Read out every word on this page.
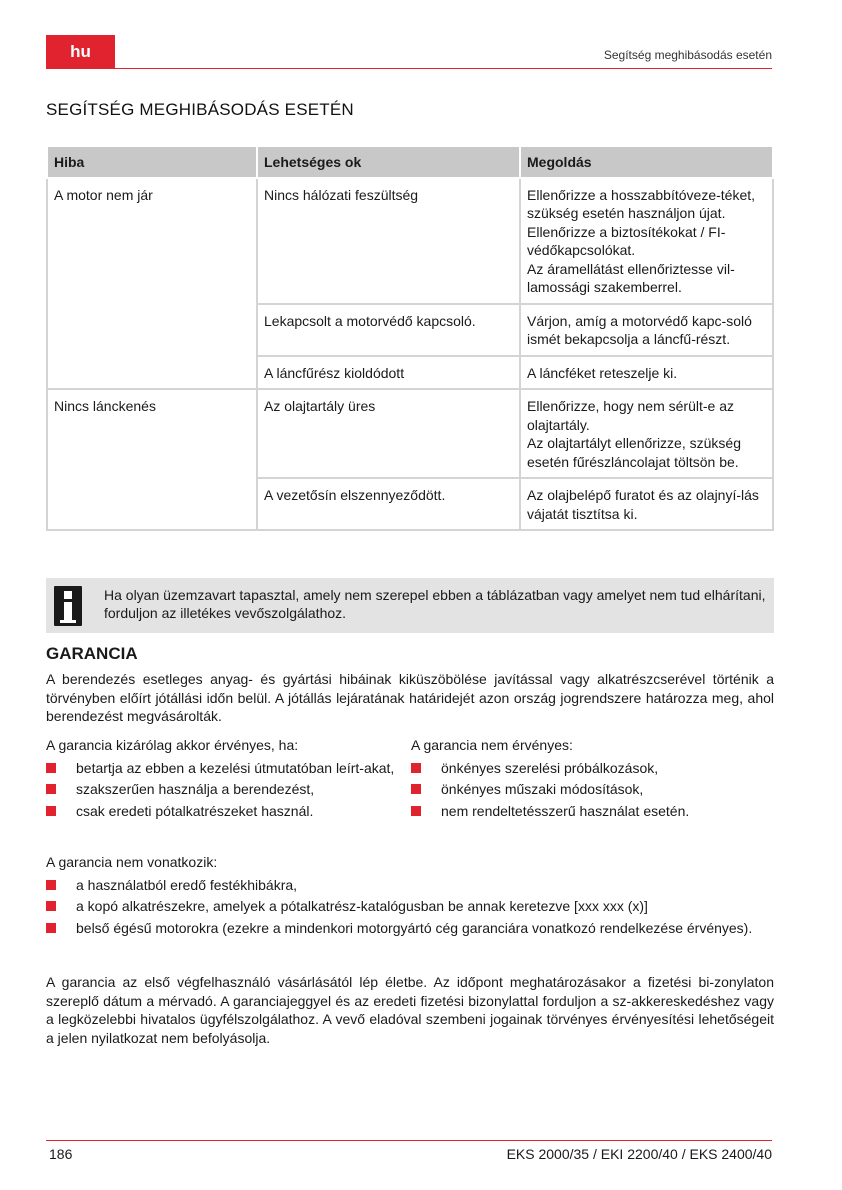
hu	Segítség meghibásodás esetén
SEGÍTSÉG MEGHIBÁSODÁS ESETÉN
Hiba	Lehetséges ok	Megoldás
A motor nem jár	Nincs hálózati feszültség	Ellenőrizze a hosszabbítóveze-téket, szükség esetén használjon újat.
Ellenőrizze a biztosítékokat / FI-védőkapcsolókat.
Az áramellátást ellenőriztesse vil-lamossági szakemberrel.

	Lekapcsolt a motorvédő kapcsoló.	Várjon, amíg a motorvédő kapc-soló ismét bekapcsolja a láncfű-részt.

	A láncfűrész kioldódott	A láncféket reteszelje ki.

Nincs lánckenés	Az olajtartály üres	Ellenőrizze, hogy nem sérült-e az olajtartály.
Az olajtartályt ellenőrizze, szükség esetén fűrészláncolajat töltsön be.

	A vezetősín elszennyeződött.	Az olajbelépő furatot és az olajnyí-lás vájatát tisztítsa ki.
Ha olyan üzemzavart tapasztal, amely nem szerepel ebben a táblázatban vagy amelyet nem tud elhárítani, forduljon az illetékes vevőszolgálathoz.
GARANCIA
A berendezés esetleges anyag- és gyártási hibáinak kiküszöbölése javítással vagy alkatrészcserével történik a törvényben előírt jótállási időn belül. A jótállás lejáratának határidejét azon ország jogrendszere határozza meg, ahol berendezést megvásárolták.
A garancia kizárólag akkor érvényes, ha:
betartja az ebben a kezelési útmutatóban leírt-akat,
szakszerűen használja a berendezést,
csak eredeti pótalkatrészeket használ.
A garancia nem érvényes:
önkényes szerelési próbálkozások,
önkényes műszaki módosítások,
nem rendeltetésszerű használat esetén.
A garancia nem vonatkozik:
a használatból eredő festékhibákra,
a kopó alkatrészekre, amelyek a pótalkatrész-katalógusban be annak keretezve [xxx xxx (x)]
belső égésű motorokra (ezekre a mindenkori motorgyártó cég garanciára vonatkozó rendelkezése érvényes).
A garancia az első végfelhasználó vásárlásától lép életbe. Az időpont meghatározásakor a fizetési bi-zonylaton szereplő dátum a mérvadó. A garanciajeggyel és az eredeti fizetési bizonylattal forduljon a sz-akkereskedéshez vagy a legközelebbi hivatalos ügyfélszolgálathoz. A vevő eladóval szembeni jogainak törvényes érvényesítési lehetőségeit a jelen nyilatkozat nem befolyásolja.
186	EKS 2000/35 / EKI 2200/40 / EKS 2400/40
